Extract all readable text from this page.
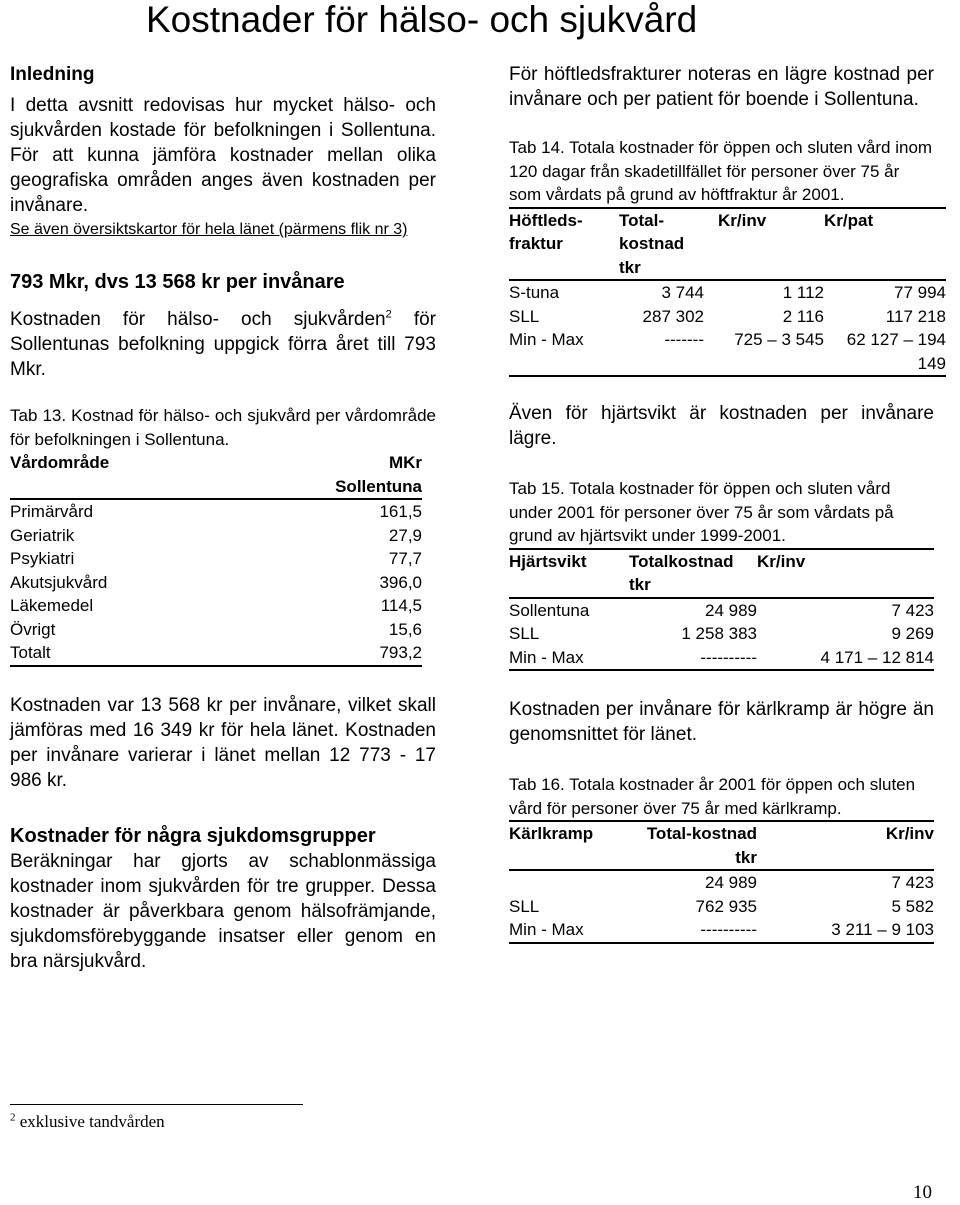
Kostnader för hälso- och sjukvård

Inledning

I detta avsnitt redovisas hur mycket hälso- och sjukvården kostade för befolkningen i Sollentuna. För att kunna jämföra kostnader mellan olika geografiska områden anges även kostnaden per invånare.

Se även översiktskartor för hela länet (pärmens flik nr 3)

793 Mkr, dvs 13 568 kr per invånare

Kostnaden för hälso- och sjukvården$^2$ för Sollentunas befolkning uppgick förra året till 793 Mkr.

Tab 13. Kostnad för hälso- och sjukvård per vårdområde för befolkningen i Sollentuna.

Vårdområde	MKr
Sollentuna
Primärvård	161,5
Geriatrik	27,9
Psykiatri	77,7
Akutsjukvård	396,0
Läkemedel	114,5
Övrigt	15,6
Totalt	793,2

Kostnaden var 13 568 kr per invånare, vilket skall jämföras med 16 349 kr för hela länet. Kostnaden per invånare varierar i länet mellan 12 773 - 17 986 kr.

Kostnader för några sjukdomsgrupper

Beräkningar har gjorts av schablonmässiga kostnader inom sjukvården för tre grupper. Dessa kostnader är påverkbara genom hälsofrämjande, sjukdomsförebyggande insatser eller genom en bra närsjukvård.

För höftledsfrakturer noteras en lägre kostnad per invånare och per patient för boende i Sollentuna.

Tab 14. Totala kostnader för öppen och sluten vård inom 120 dagar från skadetillfället för personer över 75 år som vårdats på grund av höftfraktur år 2001.

Höftleds-fraktur	Total-kostnad tkr	Kr/inv	Kr/pat
S-tuna	3 744	1 112	77 994
SLL	287 302	2 116	117 218
Min - Max	-------	725 – 3 545	62 127 – 194 149

Även för hjärtsvikt är kostnaden per invånare lägre.

Tab 15. Totala kostnader för öppen och sluten vård under 2001 för personer över 75 år som vårdats på grund av hjärtsvikt under 1999-2001.

Hjärtsvikt	Totalkostnad tkr	Kr/inv
Sollentuna	24 989	7 423
SLL	1 258 383	9 269
Min - Max	----------	4 171 – 12 814

Kostnaden per invånare för kärlkramp är högre än genomsnittet för länet.

Tab 16. Totala kostnader år 2001 för öppen och sluten vård för personer över 75 år med kärlkramp.

Kärlkramp	Total-kostnad tkr	Kr/inv
	24 989	7 423
SLL	762 935	5 582
Min - Max	----------	3 211 – 9 103
$^2$ exklusive tandvården
10
